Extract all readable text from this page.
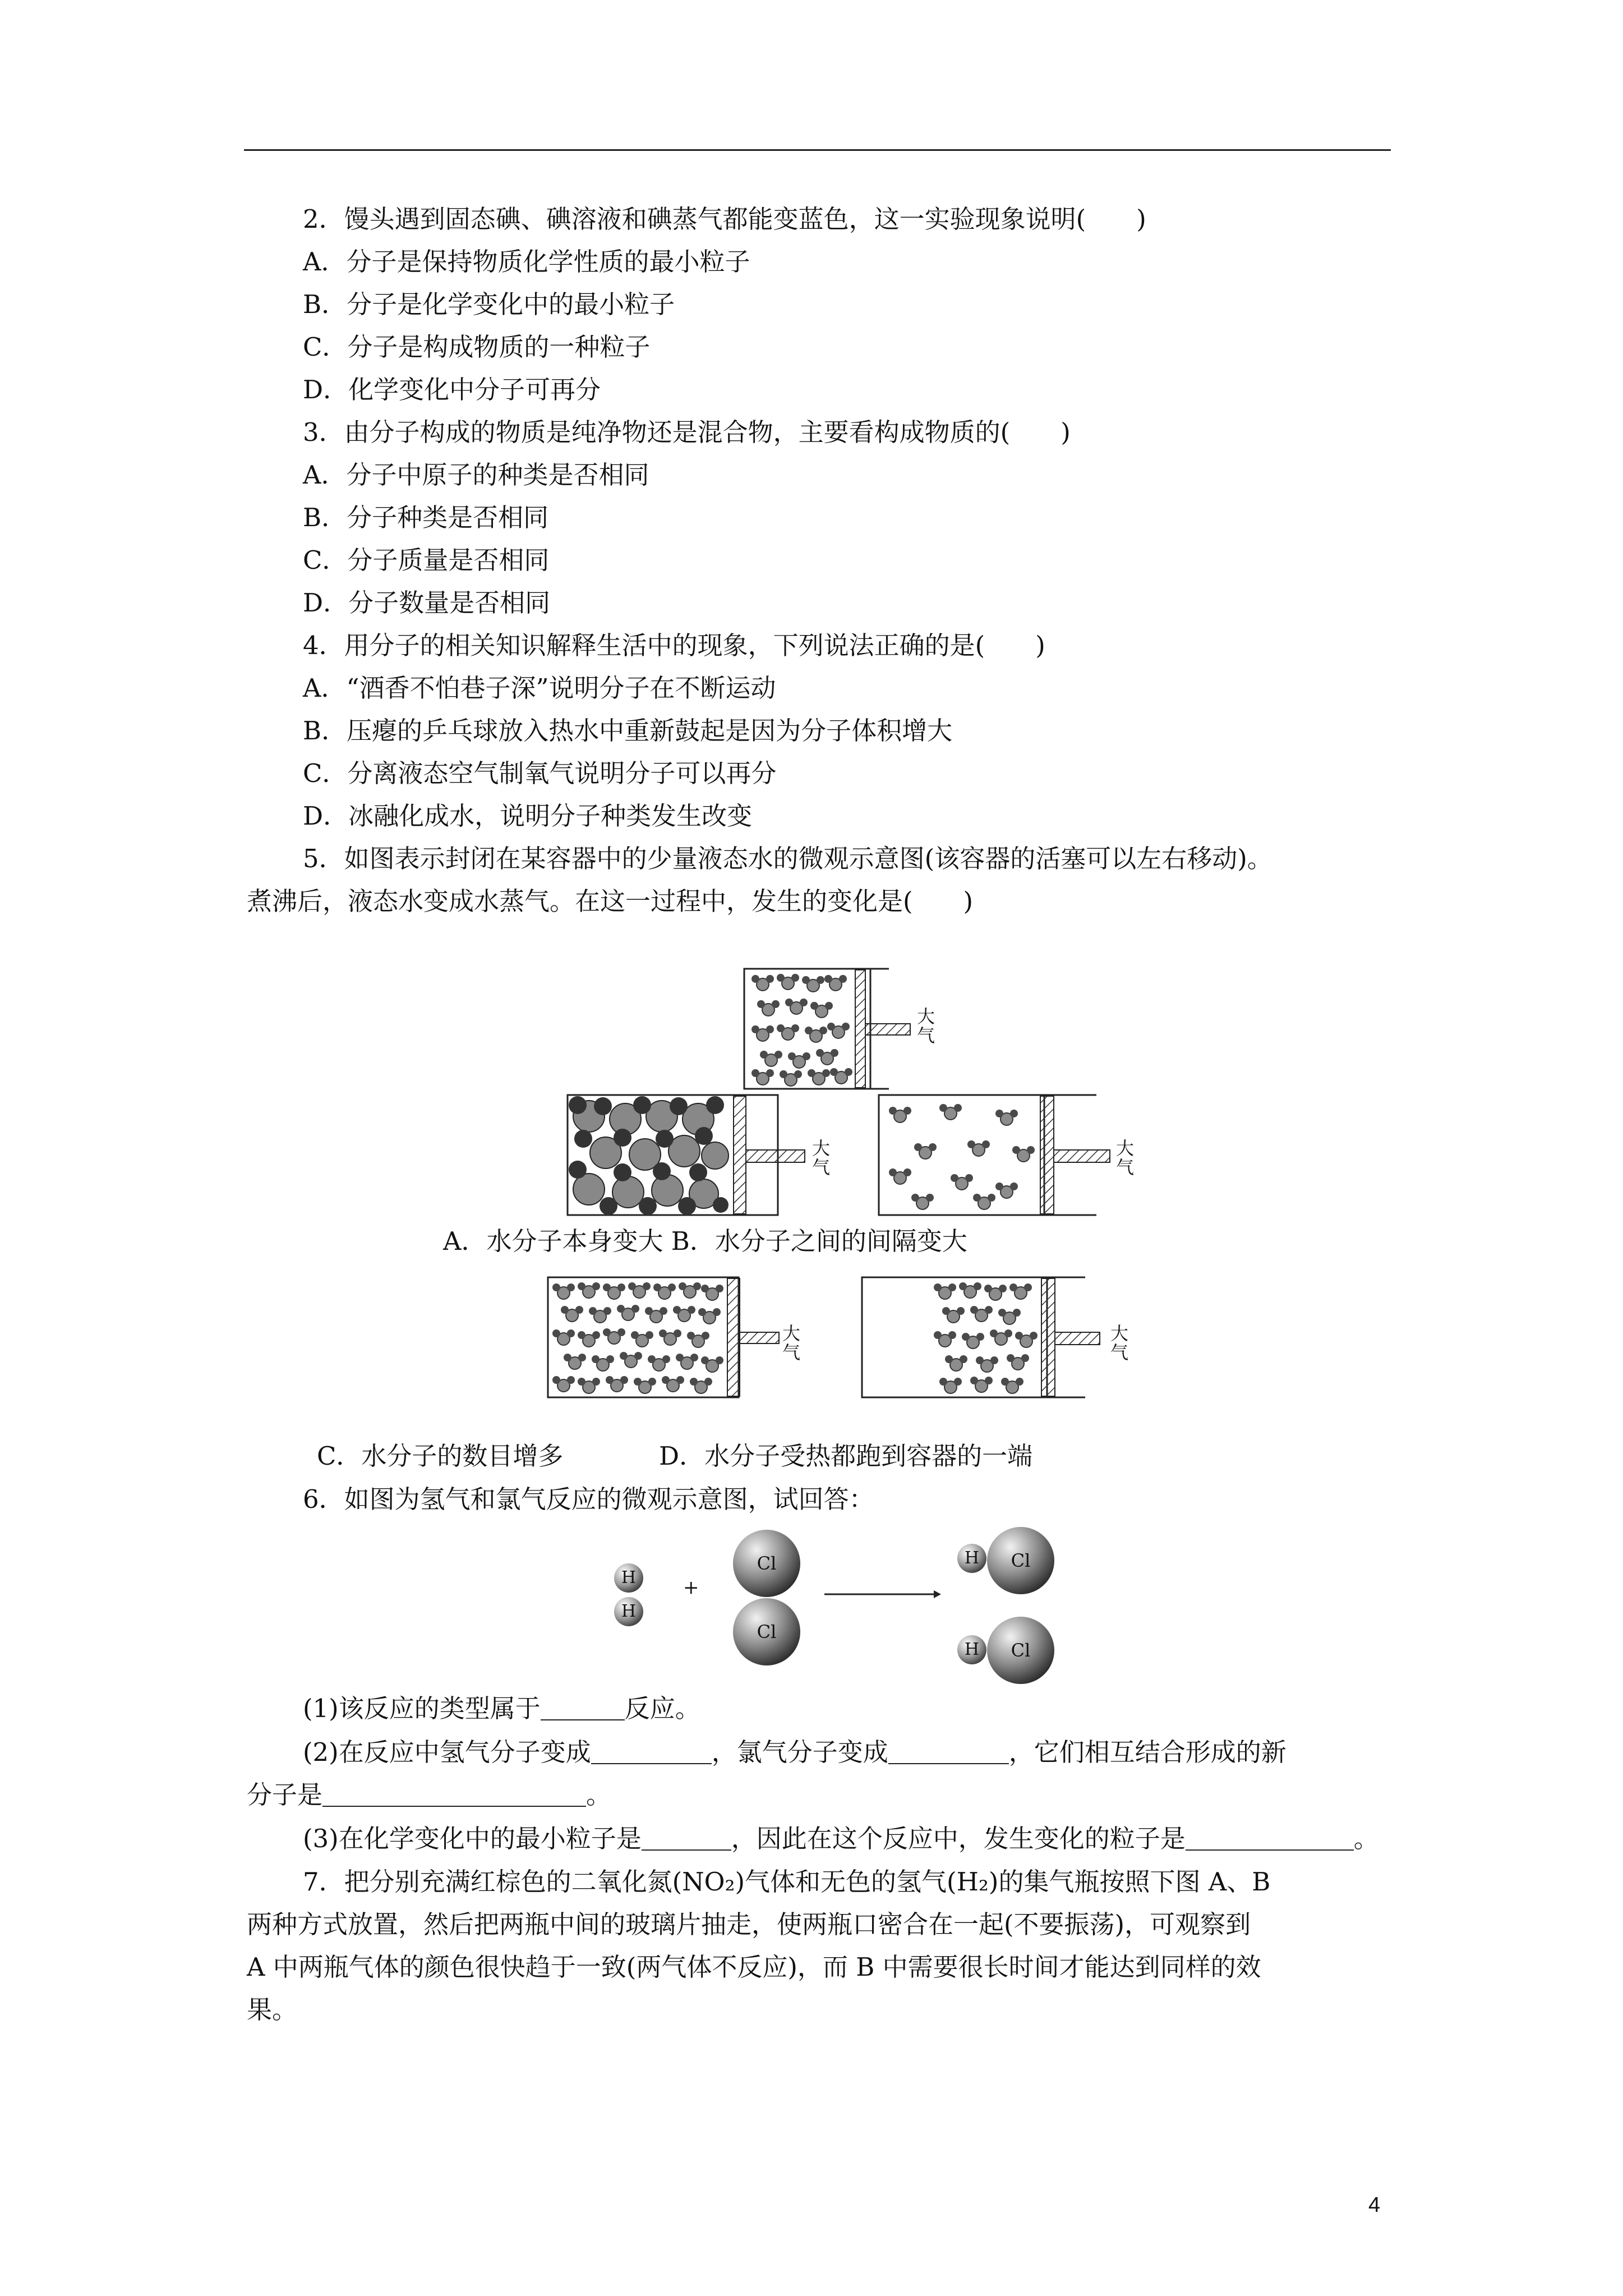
2．馒头遇到固态碘、碘溶液和碘蒸气都能变蓝色，这一实验现象说明(　　)
A．分子是保持物质化学性质的最小粒子
B．分子是化学变化中的最小粒子
C．分子是构成物质的一种粒子
D．化学变化中分子可再分
3．由分子构成的物质是纯净物还是混合物，主要看构成物质的(　　)
A．分子中原子的种类是否相同
B．分子种类是否相同
C．分子质量是否相同
D．分子数量是否相同
4．用分子的相关知识解释生活中的现象，下列说法正确的是(　　)
A．“酒香不怕巷子深”说明分子在不断运动
B．压瘪的乒乓球放入热水中重新鼓起是因为分子体积增大
C．分离液态空气制氧气说明分子可以再分
D．冰融化成水，说明分子种类发生改变
5．如图表示封闭在某容器中的少量液态水的微观示意图(该容器的活塞可以左右移动)。
煮沸后，液态水变成水蒸气。在这一过程中，发生的变化是(　　)
大气
大气
大气
A．水分子本身变大 B．水分子之间的间隔变大
大气
大气
C．水分子的数目增多	D．水分子受热都跑到容器的一端
6．如图为氢气和氯气反应的微观示意图，试回答：
H
H
+
Cl
Cl
H	Cl
H	Cl
(1)该反应的类型属于	反应。
(2)在反应中氢气分子变成	，氯气分子变成	，它们相互结合形成的新
分子是	。
(3)在化学变化中的最小粒子是	，因此在这个反应中，发生变化的粒子是	。
7．把分别充满红棕色的二氧化氮(NO₂)气体和无色的氢气(H₂)的集气瓶按照下图 A、B
两种方式放置，然后把两瓶中间的玻璃片抽走，使两瓶口密合在一起(不要振荡)，可观察到
A 中两瓶气体的颜色很快趋于一致(两气体不反应)，而 B 中需要很长时间才能达到同样的效
果。
4
